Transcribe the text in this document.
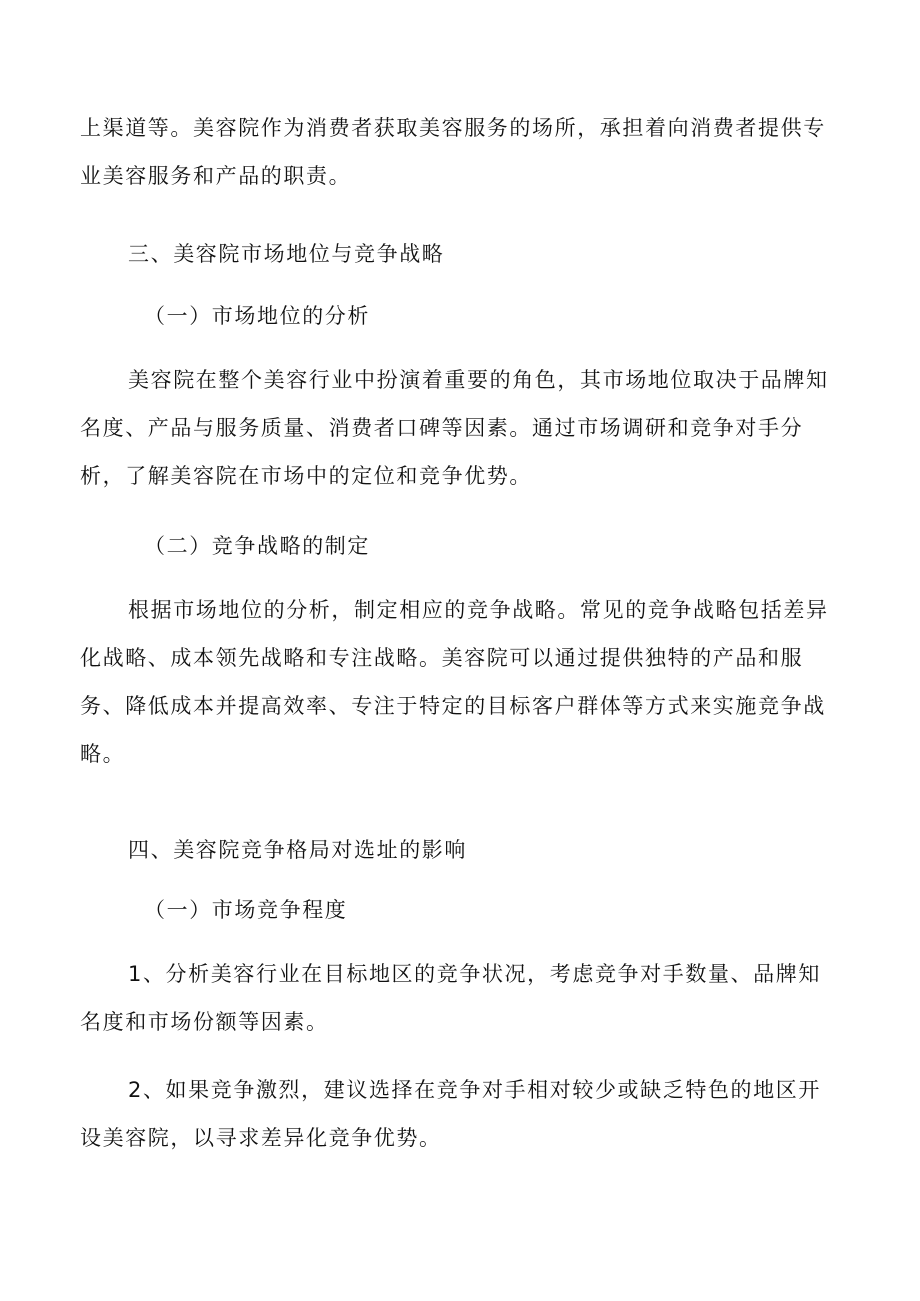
上渠道等。美容院作为消费者获取美容服务的场所，承担着向消费者提供专业美容服务和产品的职责。

三、美容院市场地位与竞争战略

（一）市场地位的分析

美容院在整个美容行业中扮演着重要的角色，其市场地位取决于品牌知名度、产品与服务质量、消费者口碑等因素。通过市场调研和竞争对手分析，了解美容院在市场中的定位和竞争优势。

（二）竞争战略的制定

根据市场地位的分析，制定相应的竞争战略。常见的竞争战略包括差异化战略、成本领先战略和专注战略。美容院可以通过提供独特的产品和服务、降低成本并提高效率、专注于特定的目标客户群体等方式来实施竞争战略。

四、美容院竞争格局对选址的影响

（一）市场竞争程度

1、分析美容行业在目标地区的竞争状况，考虑竞争对手数量、品牌知名度和市场份额等因素。

2、如果竞争激烈，建议选择在竞争对手相对较少或缺乏特色的地区开设美容院，以寻求差异化竞争优势。
